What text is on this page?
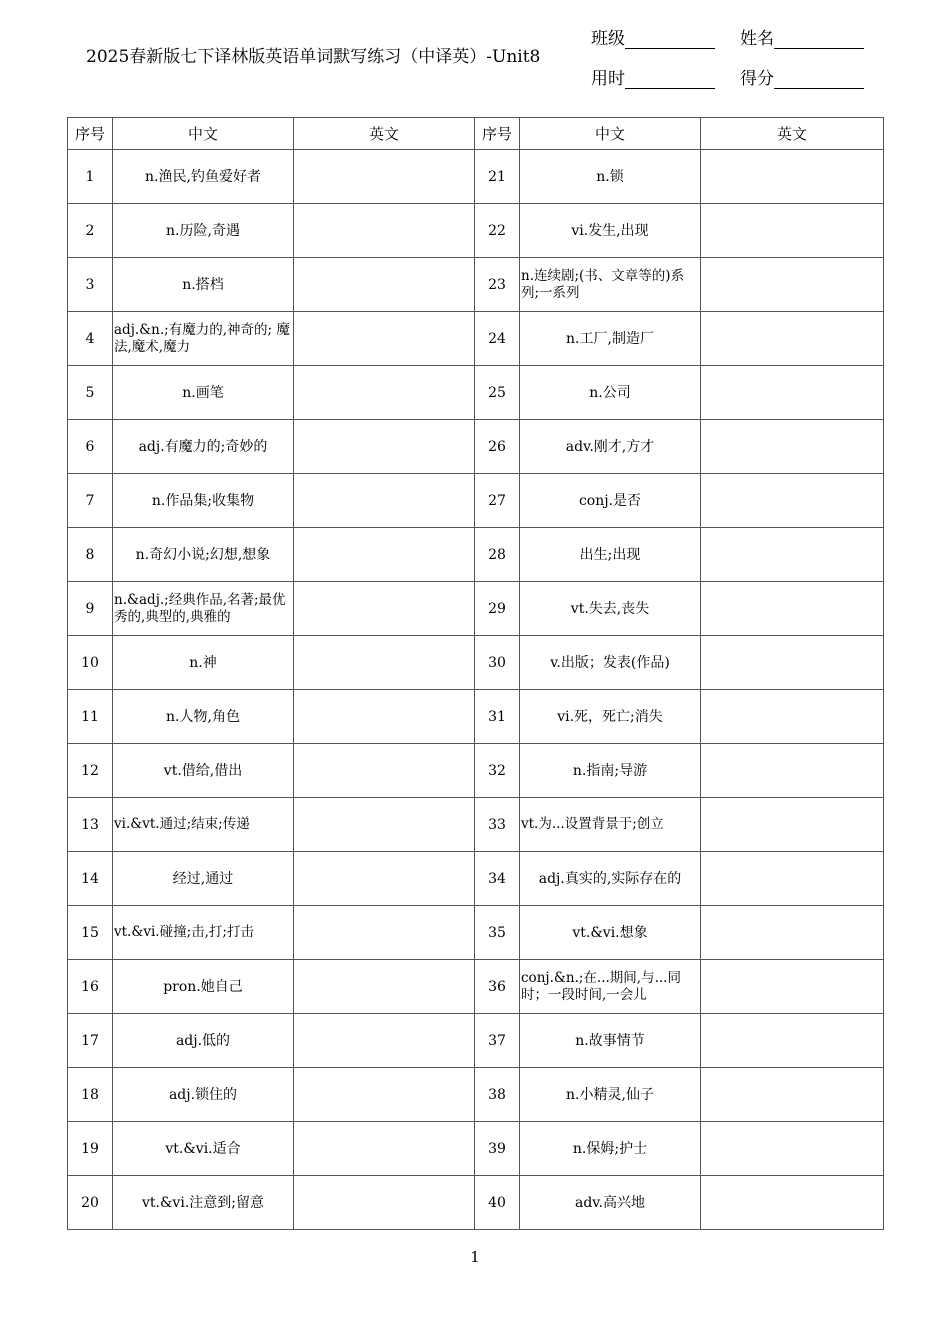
2025春新版七下译林版英语单词默写练习（中译英）-Unit8
班级	姓名
用时	得分
序号	中文	英文	序号	中文	英文
1	n.渔民,钓鱼爱好者		21	n.锁	
2	n.历险,奇遇		22	vi.发生,出现	
3	n.搭档		23	n.连续剧;(书、文章等的)系列;一系列	
4	adj.&n.;有魔力的,神奇的; 魔法,魔术,魔力		24	n.工厂,制造厂	
5	n.画笔		25	n.公司	
6	adj.有魔力的;奇妙的		26	adv.刚才,方才	
7	n.作品集;收集物		27	conj.是否	
8	n.奇幻小说;幻想,想象		28	出生;出现	
9	n.&adj.;经典作品,名著;最优秀的,典型的,典雅的		29	vt.失去,丧失	
10	n.神		30	v.出版；发表(作品)	
11	n.人物,角色		31	vi.死，死亡;消失	
12	vt.借给,借出		32	n.指南;导游	
13	vi.&vt.通过;结束;传递		33	vt.为...设置背景于;创立	
14	经过,通过		34	adj.真实的,实际存在的	
15	vt.&vi.碰撞;击,打;打击		35	vt.&vi.想象	
16	pron.她自己		36	conj.&n.;在...期间,与...同时；一段时间,一会儿	
17	adj.低的		37	n.故事情节	
18	adj.锁住的		38	n.小精灵,仙子	
19	vt.&vi.适合		39	n.保姆;护士	
20	vt.&vi.注意到;留意		40	adv.高兴地	
1
